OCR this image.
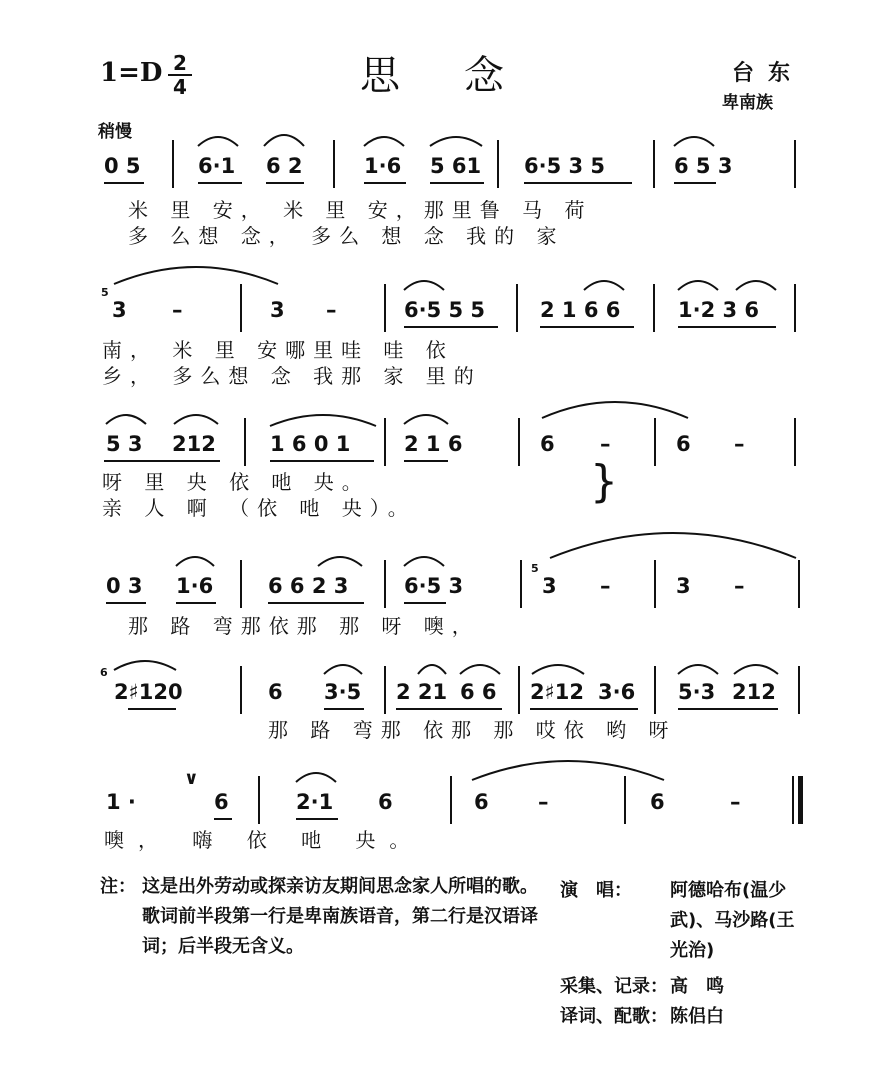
1=D 2
4	思念	台东
卑南族
稍慢
0 5	6·1 6 2	1·6 5 61 6·5 3 5	6 5 3
米 里 安， 米 里 安，那里鲁 马 荷
多 么想 念， 多么 想 念 我的 家
5
3 –	3 –	6·5 5 5	2 1 6 6	1·2 3 6
南， 米 里 安哪里哇 哇 依
乡， 多么想 念 我那 家 里的
5 3 212	1 6 0 1	2 1 6	6 –	6 –
呀 里 央 依 吔 央。
亲 人 啊 （依 吔 央）。
}
0 3 1·6	6 6 2 3	6·5 3
5
3 –	3 –
那 路 弯那依那 那 呀 噢，
6
2♯120	6 3·5 2 21 6 6 2♯12 3·6 5·3 212
那 路 弯那 依那 那 哎依 哟 呀
∨
1 ·	6	2·1 6	6 –	6	–
噢， 嗨 依 吔 央。
注： 这是出外劳动或探亲访友期间思念家人所唱的歌。歌词前半段第一行是卑南族语音，第二行是汉语译词；后半段无含义。
演　唱： 阿德哈布(温少武)、马沙路(王光治)
采集、记录： 高　鸣
译词、配歌： 陈侣白
